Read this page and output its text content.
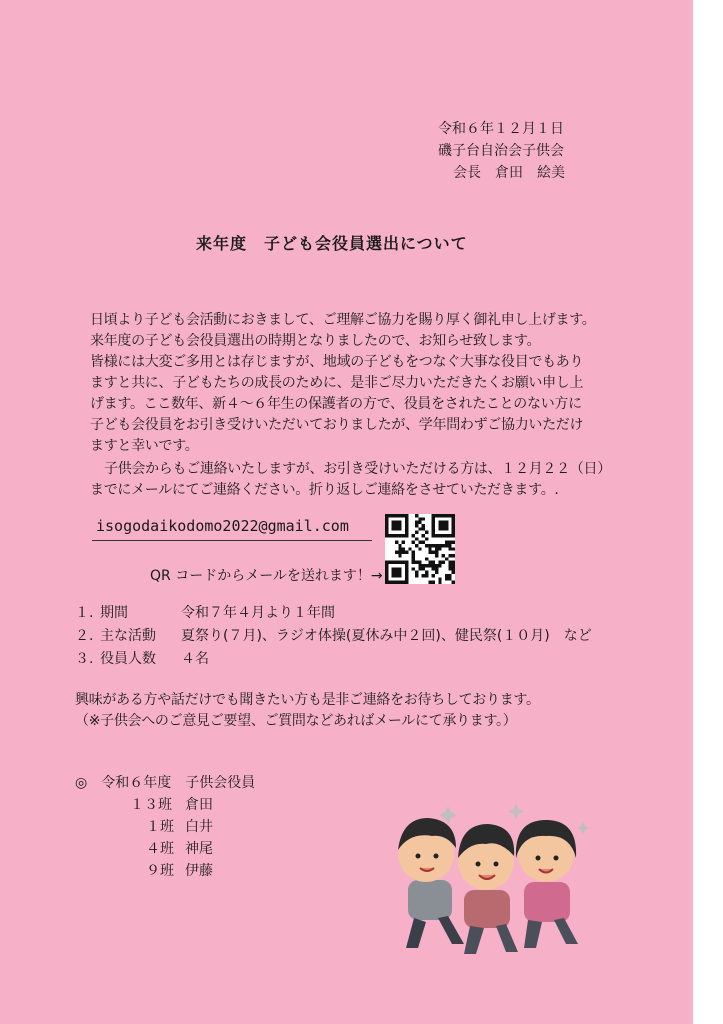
令和６年１２月１日
磯子台自治会子供会
会長　倉田　絵美
来年度　子ども会役員選出について
日頃より子ども会活動におきまして、ご理解ご協力を賜り厚く御礼申し上げます。
来年度の子ども会役員選出の時期となりましたので、お知らせ致します。
皆様には大変ご多用とは存じますが、地域の子どもをつなぐ大事な役目でもあり
ますと共に、子どもたちの成長のために、是非ご尽力いただきたくお願い申し上
げます。ここ数年、新４～６年生の保護者の方で、役員をされたことのない方に
子ども会役員をお引き受けいただいておりましたが、学年問わずご協力いただけ
ますと幸いです。
子供会からもご連絡いたしますが、お引き受けいただける方は、１２月２２（日）
までにメールにてご連絡ください。折り返しご連絡をさせていただきます。.
isogodaikodomo2022@gmail.com
QR コードからメールを送れます！→
１. 期間	令和７年４月より１年間
２. 主な活動 夏祭り(７月)、ラジオ体操(夏休み中２回)、健民祭(１０月)　など
３. 役員人数 ４名
興味がある方や話だけでも聞きたい方も是非ご連絡をお待ちしております。
（※子供会へのご意見ご要望、ご質問などあればメールにて承ります。）
◎　令和６年度　子供会役員
１３班 倉田
１班 白井
４班 神尾
９班 伊藤
